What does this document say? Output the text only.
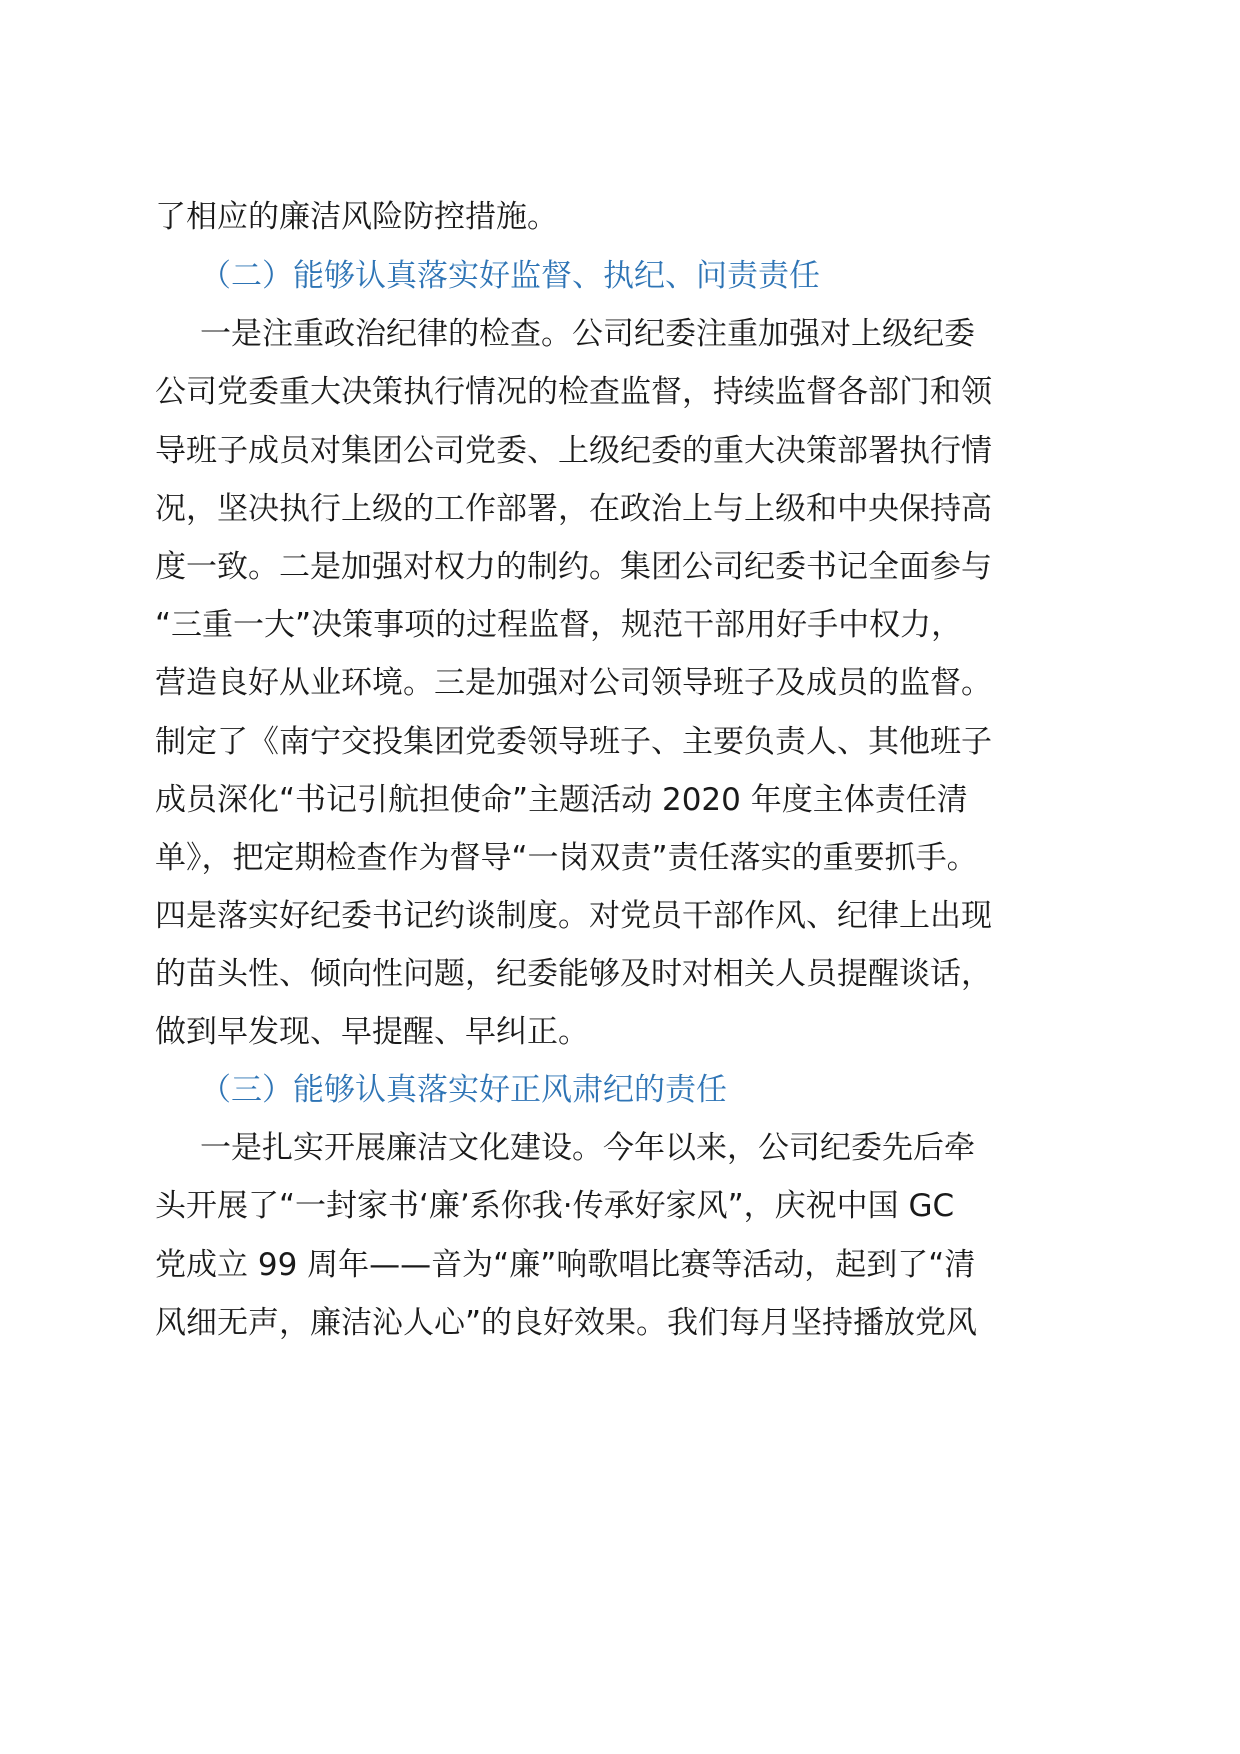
了相应的廉洁风险防控措施。
（二）能够认真落实好监督、执纪、问责责任
一是注重政治纪律的检查。公司纪委注重加强对上级纪委
公司党委重大决策执行情况的检查监督，持续监督各部门和领
导班子成员对集团公司党委、上级纪委的重大决策部署执行情
况，坚决执行上级的工作部署，在政治上与上级和中央保持高
度一致。二是加强对权力的制约。集团公司纪委书记全面参与
“三重一大”决策事项的过程监督，规范干部用好手中权力，
营造良好从业环境。三是加强对公司领导班子及成员的监督。
制定了《南宁交投集团党委领导班子、主要负责人、其他班子
成员深化“书记引航担使命”主题活动 2020 年度主体责任清
单》，把定期检查作为督导“一岗双责”责任落实的重要抓手。
四是落实好纪委书记约谈制度。对党员干部作风、纪律上出现
的苗头性、倾向性问题，纪委能够及时对相关人员提醒谈话，
做到早发现、早提醒、早纠正。
（三）能够认真落实好正风肃纪的责任
一是扎实开展廉洁文化建设。今年以来，公司纪委先后牵
头开展了“一封家书‘廉’系你我·传承好家风”，庆祝中国 GC
党成立 99 周年——音为“廉”响歌唱比赛等活动，起到了“清
风细无声，廉洁沁人心”的良好效果。我们每月坚持播放党风
